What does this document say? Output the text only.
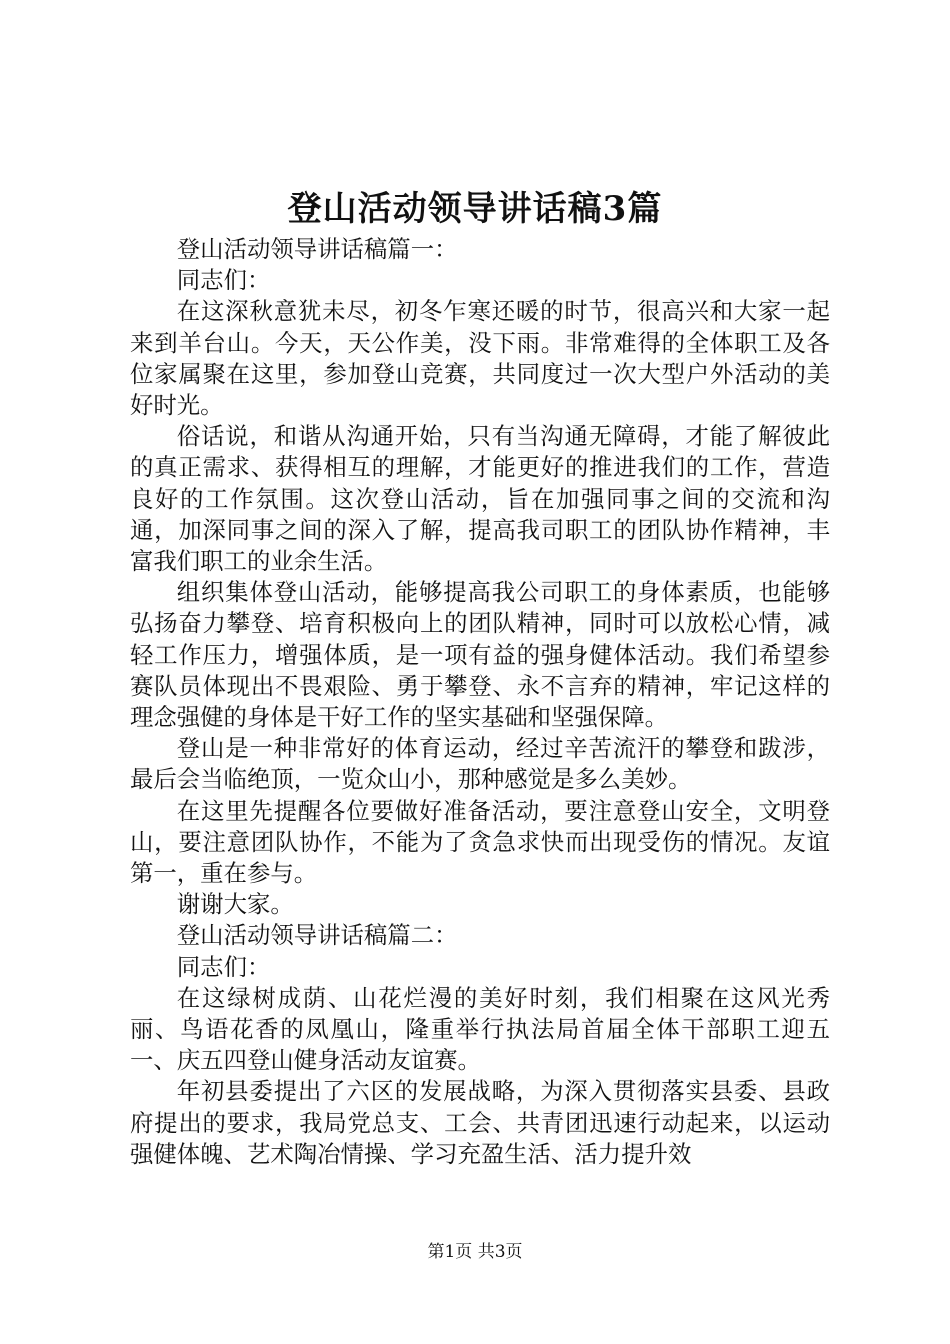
登山活动领导讲话稿3篇

登山活动领导讲话稿篇一：

同志们：

在这深秋意犹未尽，初冬乍寒还暖的时节，很高兴和大家一起来到羊台山。今天，天公作美，没下雨。非常难得的全体职工及各位家属聚在这里，参加登山竞赛，共同度过一次大型户外活动的美好时光。

俗话说，和谐从沟通开始，只有当沟通无障碍，才能了解彼此的真正需求、获得相互的理解，才能更好的推进我们的工作，营造良好的工作氛围。这次登山活动，旨在加强同事之间的交流和沟通，加深同事之间的深入了解，提高我司职工的团队协作精神，丰富我们职工的业余生活。

组织集体登山活动，能够提高我公司职工的身体素质，也能够弘扬奋力攀登、培育积极向上的团队精神，同时可以放松心情，减轻工作压力，增强体质，是一项有益的强身健体活动。我们希望参赛队员体现出不畏艰险、勇于攀登、永不言弃的精神，牢记这样的理念强健的身体是干好工作的坚实基础和坚强保障。

登山是一种非常好的体育运动，经过辛苦流汗的攀登和跋涉，最后会当临绝顶，一览众山小，那种感觉是多么美妙。

在这里先提醒各位要做好准备活动，要注意登山安全，文明登山，要注意团队协作，不能为了贪急求快而出现受伤的情况。友谊第一，重在参与。

谢谢大家。

登山活动领导讲话稿篇二：

同志们：

在这绿树成荫、山花烂漫的美好时刻，我们相聚在这风光秀丽、鸟语花香的凤凰山，隆重举行执法局首届全体干部职工迎五一、庆五四登山健身活动友谊赛。

年初县委提出了六区的发展战略，为深入贯彻落实县委、县政府提出的要求，我局党总支、工会、共青团迅速行动起来，以运动强健体魄、艺术陶冶情操、学习充盈生活、活力提升效

第1页 共3页
